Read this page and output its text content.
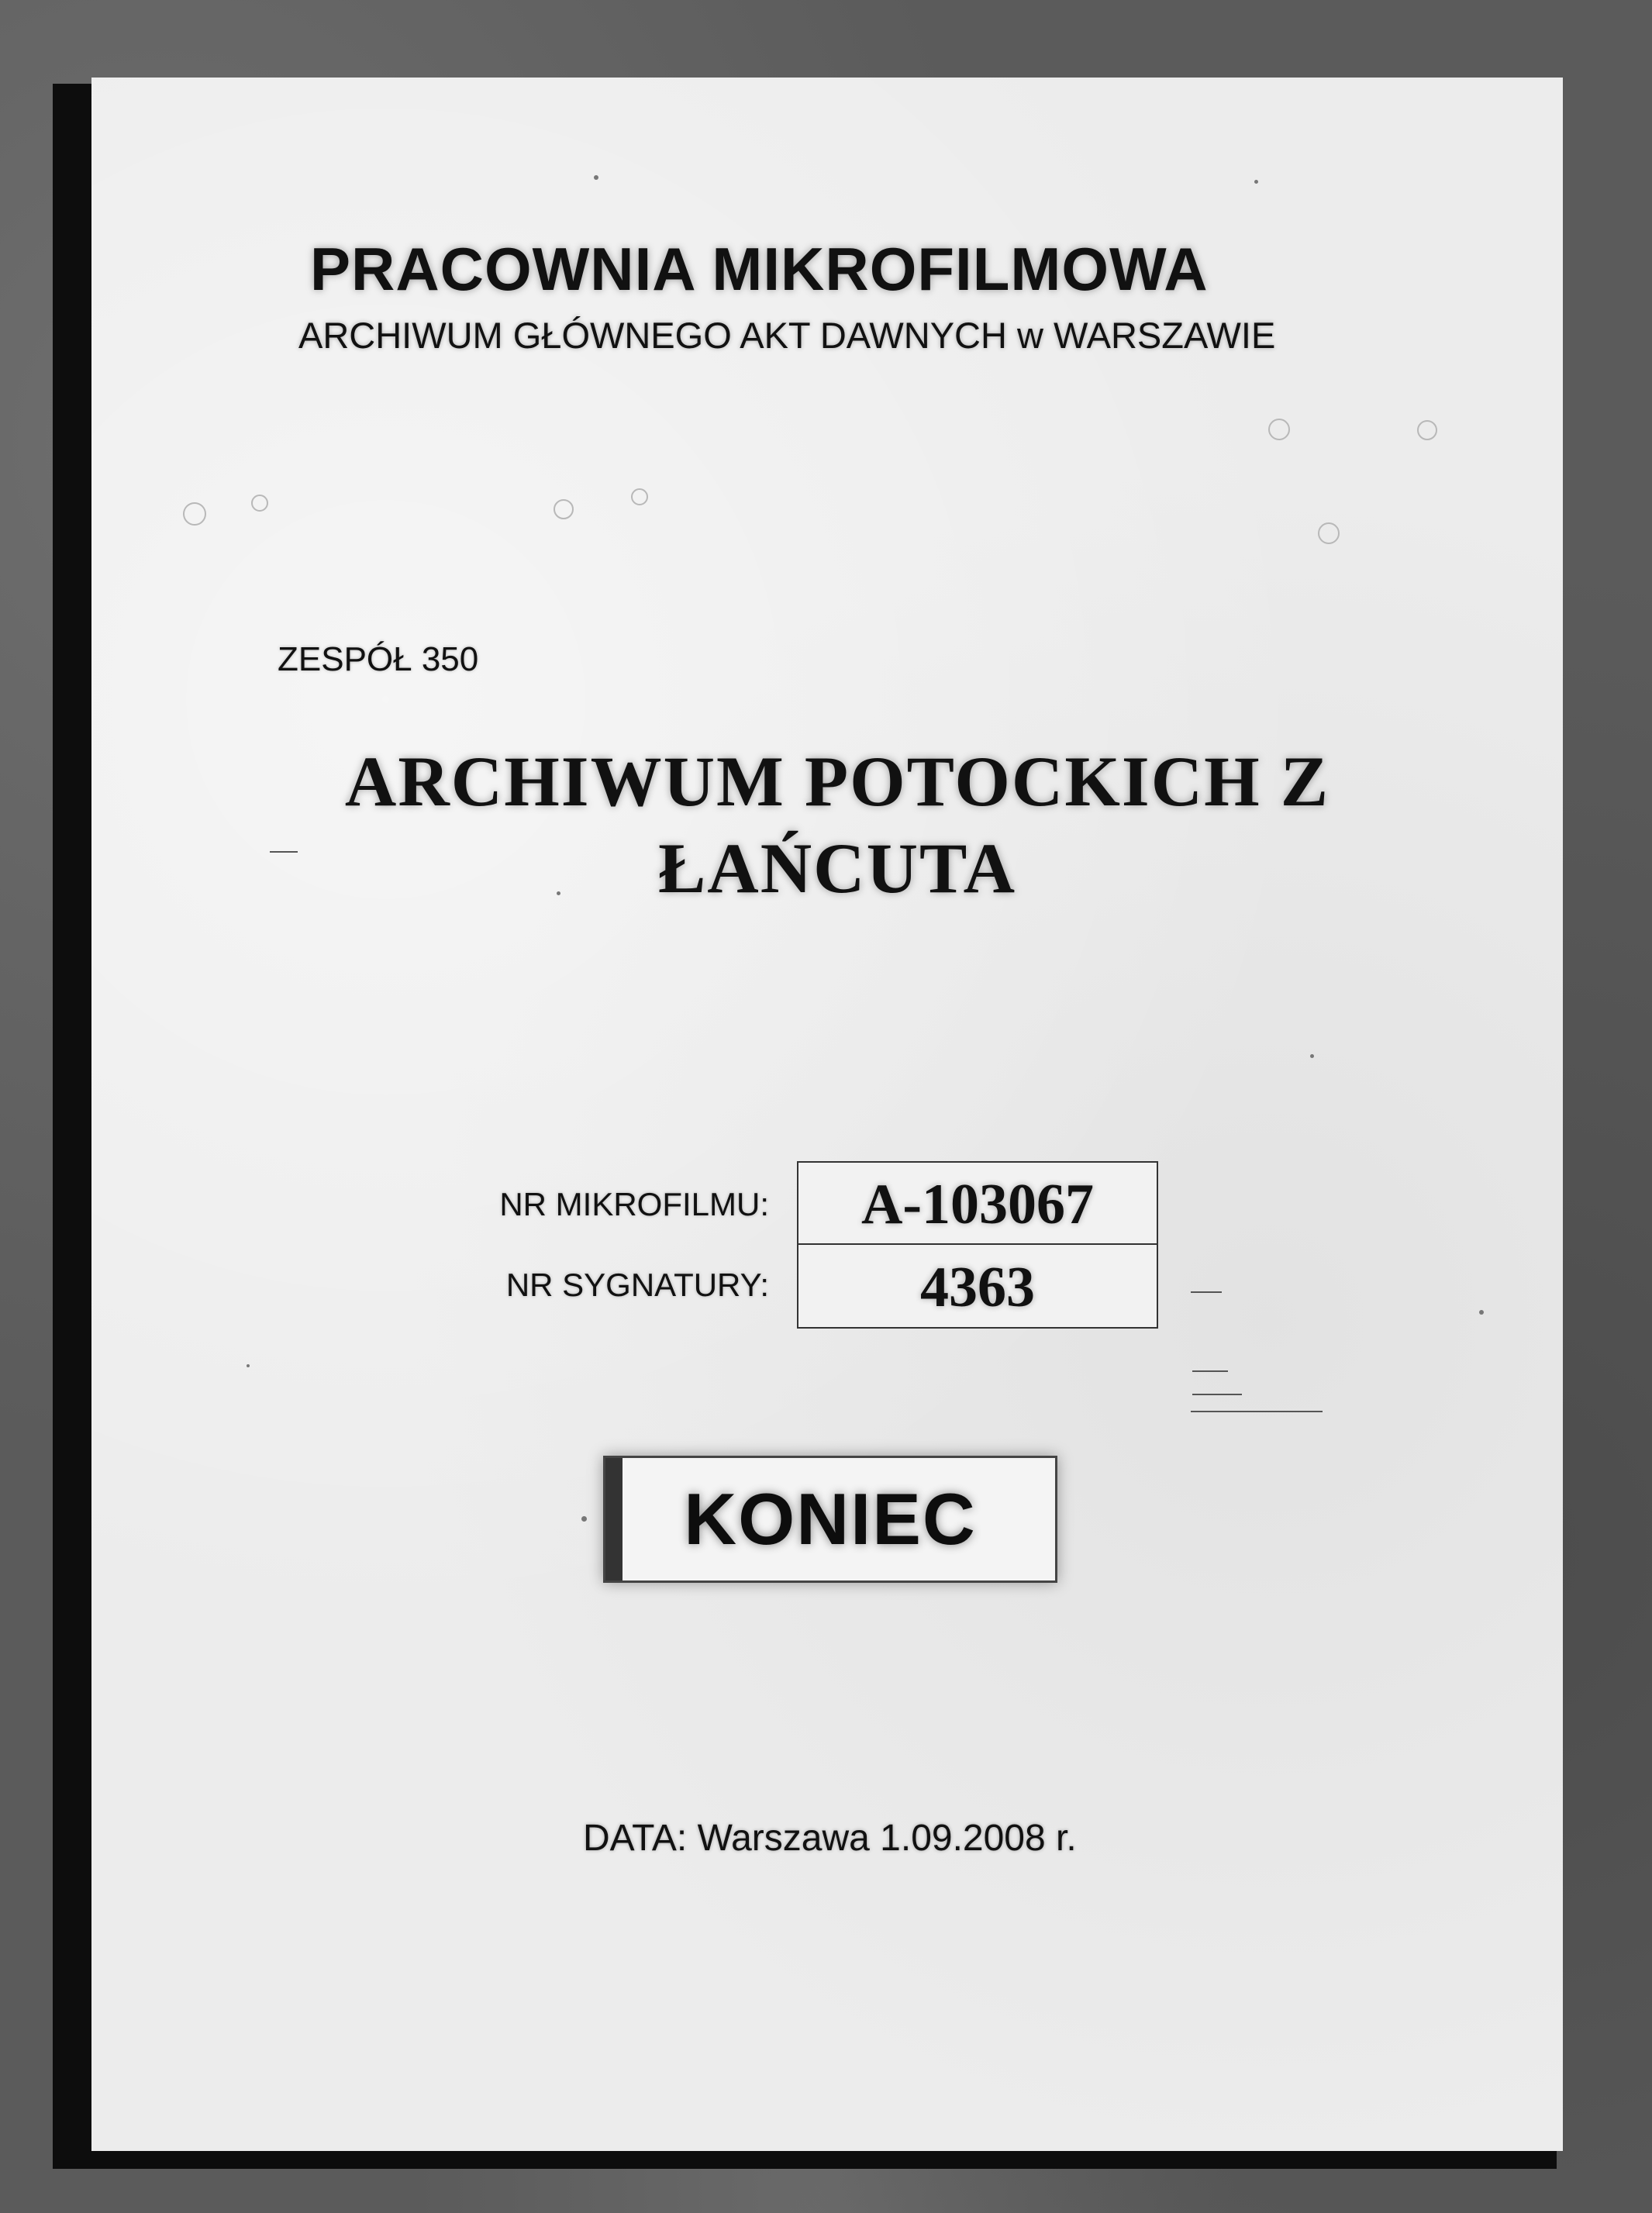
PRACOWNIA MIKROFILMOWA
ARCHIWUM GŁÓWNEGO AKT DAWNYCH w WARSZAWIE
ZESPÓŁ 350
ARCHIWUM POTOCKICH Z
ŁAŃCUTA
NR MIKROFILMU:	A-103067
NR SYGNATURY:	4363
KONIEC
DATA: Warszawa 1.09.2008 r.
